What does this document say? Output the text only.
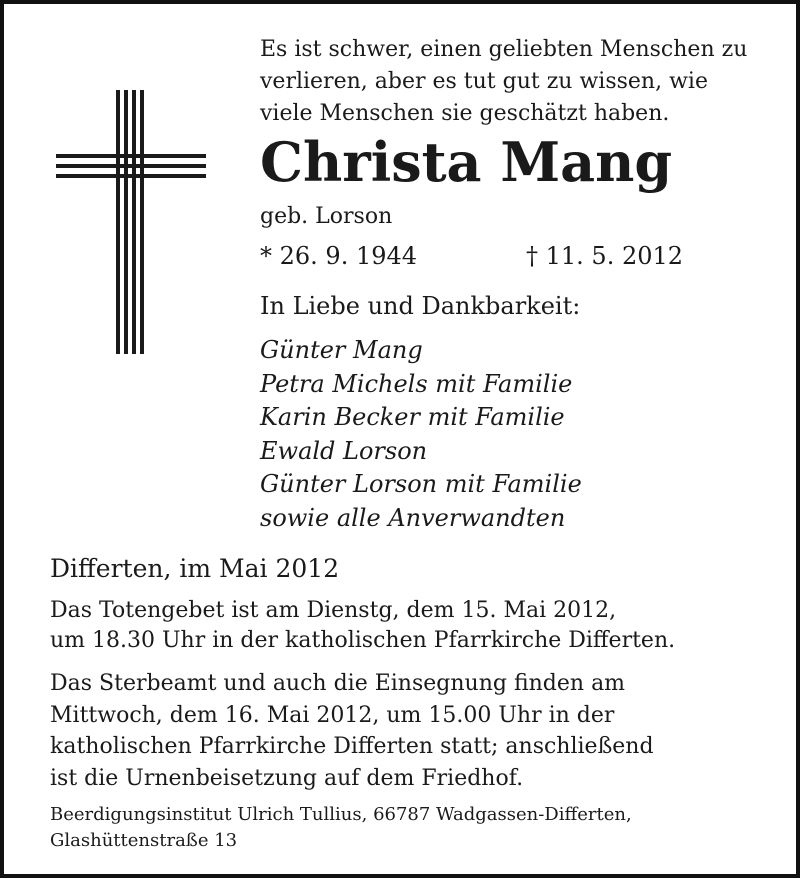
Es ist schwer, einen geliebten Menschen zu
verlieren, aber es tut gut zu wissen, wie
viele Menschen sie geschätzt haben.
Christa Mang
geb. Lorson
* 26. 9. 1944	† 11. 5. 2012
In Liebe und Dankbarkeit:
Günter Mang
Petra Michels mit Familie
Karin Becker mit Familie
Ewald Lorson
Günter Lorson mit Familie
sowie alle Anverwandten
Differten, im Mai 2012
Das Totengebet ist am Dienstg, dem 15. Mai 2012,
um 18.30 Uhr in der katholischen Pfarrkirche Differten.
Das Sterbeamt und auch die Einsegnung finden am
Mittwoch, dem 16. Mai 2012, um 15.00 Uhr in der
katholischen Pfarrkirche Differten statt; anschließend
ist die Urnenbeisetzung auf dem Friedhof.
Beerdigungsinstitut Ulrich Tullius, 66787 Wadgassen-Differten,
Glashüttenstraße 13
